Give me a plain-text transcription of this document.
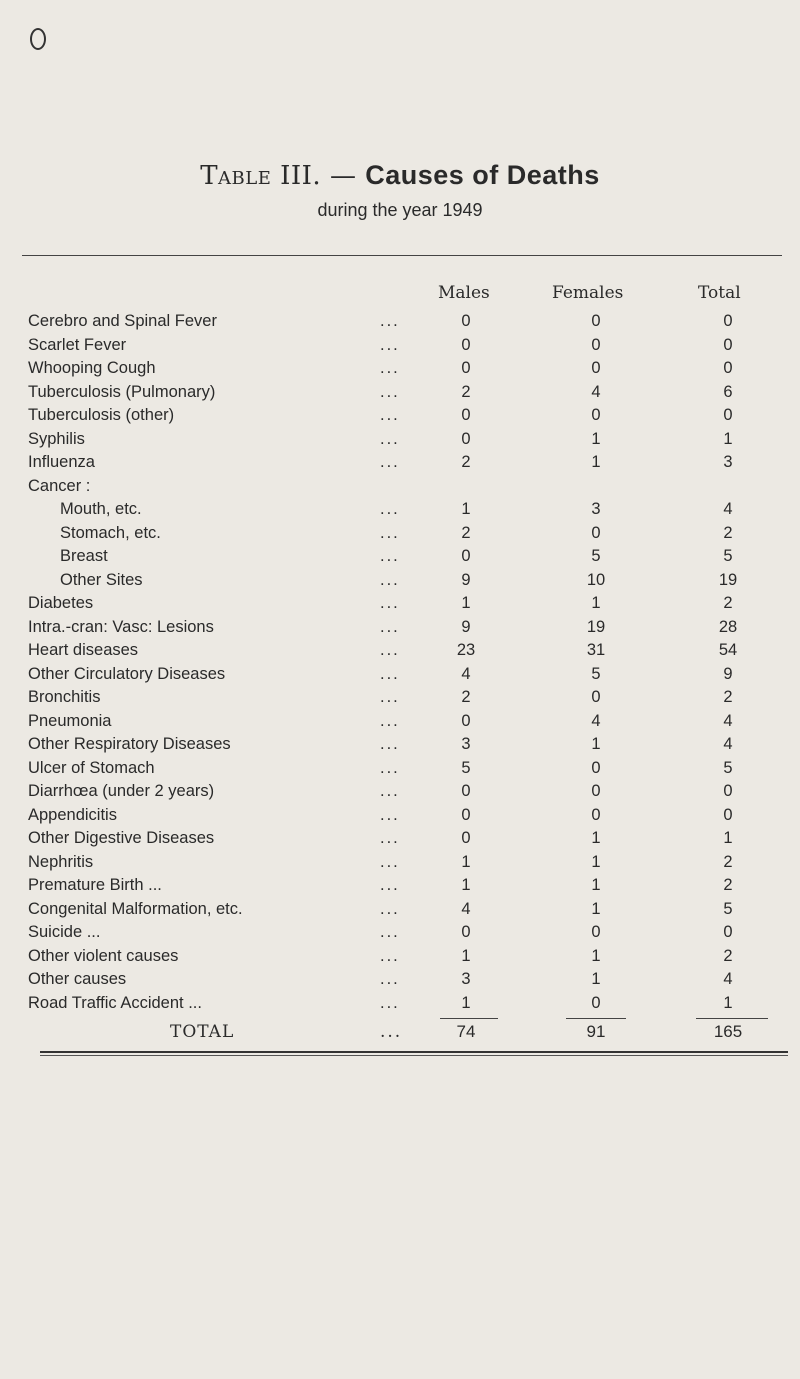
Table III. — Causes of Deaths
during the year 1949
Males	Females	Total
Cerebro and Spinal Fever	...	0	0	0
Scarlet Fever	...	0	0	0
Whooping Cough	...	0	0	0
Tuberculosis (Pulmonary)	...	2	4	6
Tuberculosis (other)	...	0	0	0
Syphilis	...	0	1	1
Influenza	...	2	1	3
Cancer :
Mouth, etc.	...	1	3	4
Stomach, etc.	...	2	0	2
Breast	...	0	5	5
Other Sites	...	9	10	19
Diabetes	...	1	1	2
Intra.-cran: Vasc: Lesions	...	9	19	28
Heart diseases	...	23	31	54
Other Circulatory Diseases	...	4	5	9
Bronchitis	...	2	0	2
Pneumonia	...	0	4	4
Other Respiratory Diseases	...	3	1	4
Ulcer of Stomach	...	5	0	5
Diarrhœa (under 2 years)	...	0	0	0
Appendicitis	...	0	0	0
Other Digestive Diseases	...	0	1	1
Nephritis	...	1	1	2
Premature Birth ...	...	1	1	2
Congenital Malformation, etc.	...	4	1	5
Suicide ...	...	0	0	0
Other violent causes	...	1	1	2
Other causes	...	3	1	4
Road Traffic Accident ...	...	1	0	1
TOTAL	...	74	91	165
